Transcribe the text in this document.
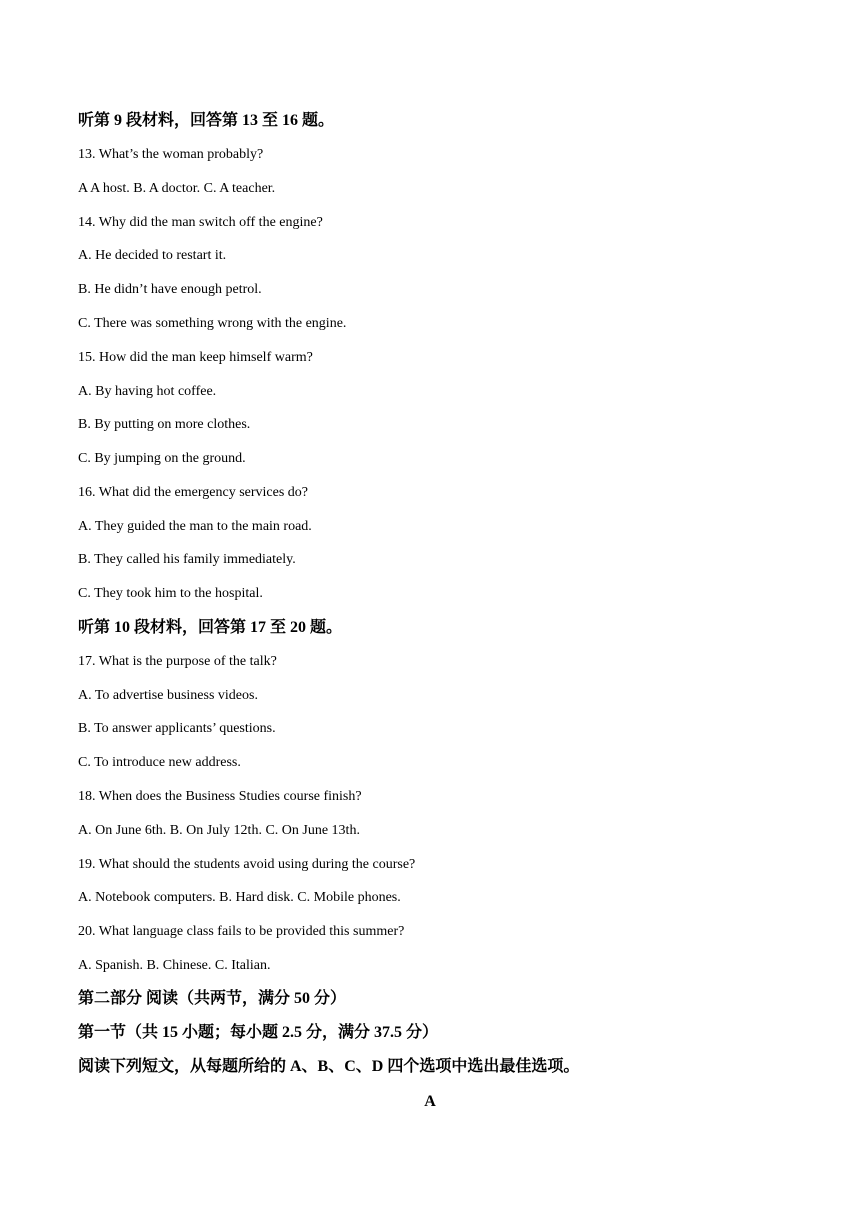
听第 9 段材料，回答第 13 至 16 题。
13. What’s the woman probably?
A A host. B. A doctor. C. A teacher.
14. Why did the man switch off the engine?
A. He decided to restart it.
B. He didn’t have enough petrol.
C. There was something wrong with the engine.
15. How did the man keep himself warm?
A. By having hot coffee.
B. By putting on more clothes.
C. By jumping on the ground.
16. What did the emergency services do?
A. They guided the man to the main road.
B. They called his family immediately.
C. They took him to the hospital.
听第 10 段材料，回答第 17 至 20 题。
17. What is the purpose of the talk?
A. To advertise business videos.
B. To answer applicants’ questions.
C. To introduce new address.
18. When does the Business Studies course finish?
A. On June 6th. B. On July 12th. C. On June 13th.
19. What should the students avoid using during the course?
A. Notebook computers. B. Hard disk. C. Mobile phones.
20. What language class fails to be provided this summer?
A. Spanish. B. Chinese. C. Italian.
第二部分 阅读（共两节，满分 50 分）
第一节（共 15 小题；每小题 2.5 分，满分 37.5 分）
阅读下列短文，从每题所给的 A、B、C、D 四个选项中选出最佳选项。
A
